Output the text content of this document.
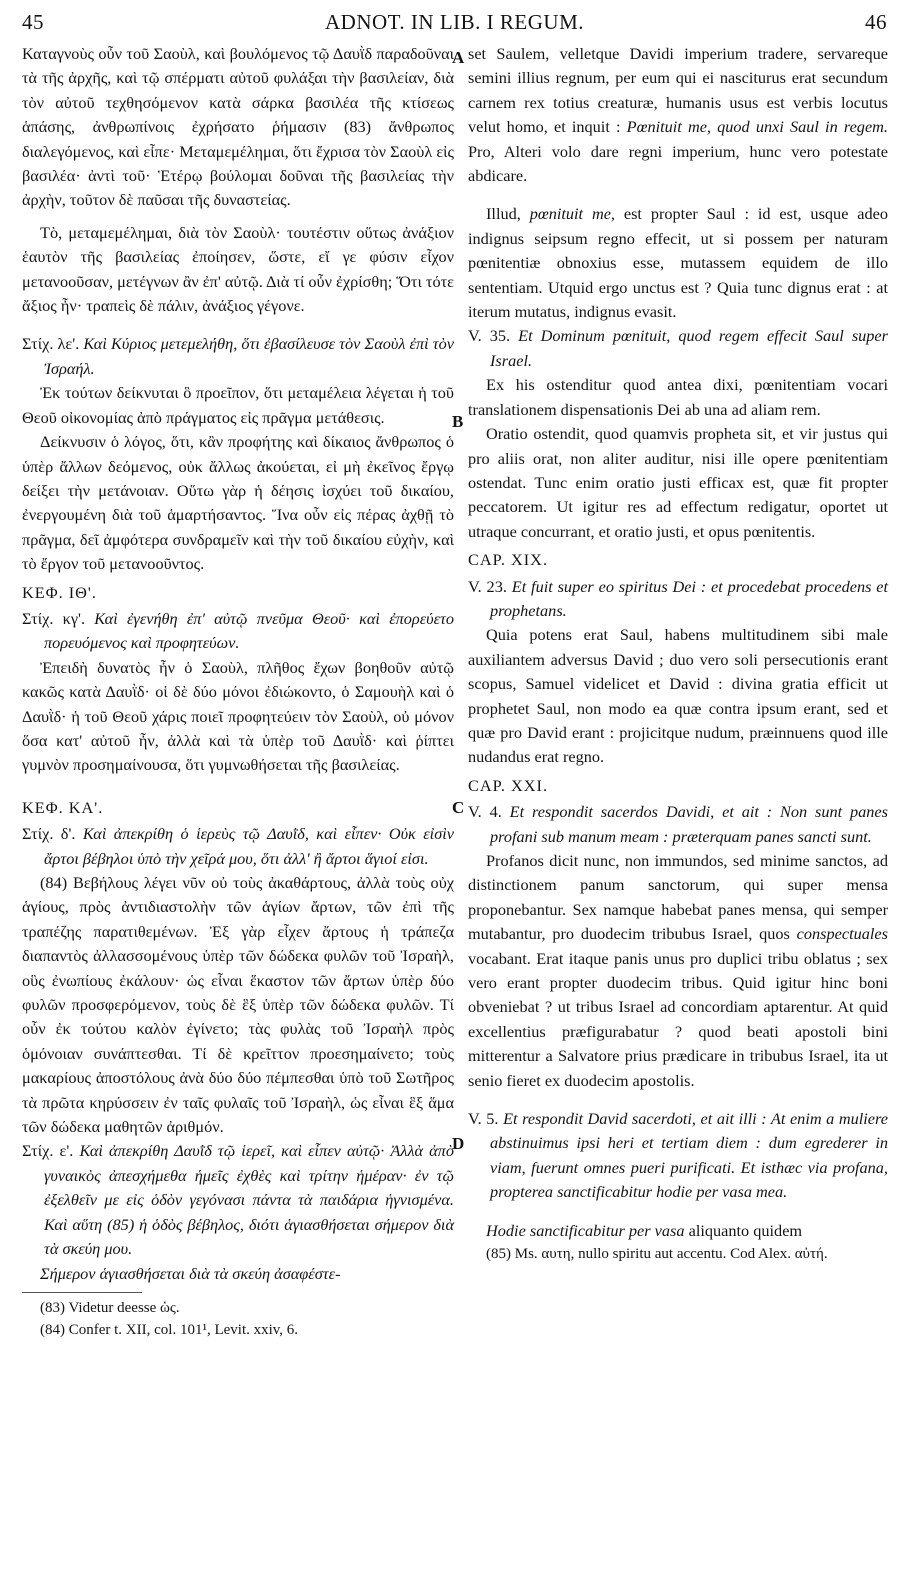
45	ADNOT. IN LIB. I REGUM.	46

Καταγνοὺς οὖν τοῦ Σαοὺλ, καὶ βουλόμενος τῷ Δαυῒδ παραδοῦναι τὰ τῆς ἀρχῆς, καὶ τῷ σπέρματι αὐτοῦ φυλάξαι τὴν βασιλείαν, διὰ τὸν αὐτοῦ τεχθησόμενον κατὰ σάρκα βασιλέα τῆς κτίσεως ἁπάσης, ἀνθρωπίνοις ἐχρήσατο ῥήμασιν (83) ἄνθρωπος διαλεγόμενος, καὶ εἶπε· Μεταμεμέλημαι, ὅτι ἔχρισα τὸν Σαοὺλ εἰς βασιλέα· ἀντὶ τοῦ· Ἑτέρῳ βούλομαι δοῦναι τῆς βασιλείας τὴν ἀρχὴν, τοῦτον δὲ παῦσαι τῆς δυναστείας.

Τὸ, μεταμεμέλημαι, διὰ τὸν Σαοὺλ· τουτέστιν οὕτως ἀνάξιον ἑαυτὸν τῆς βασιλείας ἐποίησεν, ὥστε, εἴ γε φύσιν εἶχον μετανοοῦσαν, μετέγνων ἂν ἐπ' αὐτῷ. Διὰ τί οὖν ἐχρίσθη; Ὅτι τότε ἄξιος ἦν· τραπεὶς δὲ πάλιν, ἀνάξιος γέγονε.

Στίχ. λε'. Καὶ Κύριος μετεμελήθη, ὅτι ἐβασίλευσε τὸν Σαοὺλ ἐπὶ τὸν Ἰσραήλ.

Ἐκ τούτων δείκνυται ὃ προεῖπον, ὅτι μεταμέλεια λέγεται ἡ τοῦ Θεοῦ οἰκονομίας ἀπὸ πράγματος εἰς πρᾶγμα μετάθεσις.

Δείκνυσιν ὁ λόγος, ὅτι, κἂν προφήτης καὶ δίκαιος ἄνθρωπος ὁ ὑπὲρ ἄλλων δεόμενος, οὐκ ἄλλως ἀκούεται, εἰ μὴ ἐκεῖνος ἔργῳ δείξει τὴν μετάνοιαν. Οὕτω γὰρ ἡ δέησις ἰσχύει τοῦ δικαίου, ἐνεργουμένη διὰ τοῦ ἁμαρτήσαντος. Ἵνα οὖν εἰς πέρας ἀχθῇ τὸ πρᾶγμα, δεῖ ἀμφότερα συνδραμεῖν καὶ τὴν τοῦ δικαίου εὐχὴν, καὶ τὸ ἔργον τοῦ μετανοοῦντος.

ΚΕΦ. ΙΘ'.

Στίχ. κγ'. Καὶ ἐγενήθη ἐπ' αὐτῷ πνεῦμα Θεοῦ· καὶ ἐπορεύετο πορευόμενος καὶ προφητεύων.

Ἐπειδὴ δυνατὸς ἦν ὁ Σαοὺλ, πλῆθος ἔχων βοηθοῦν αὐτῷ κακῶς κατὰ Δαυῒδ· οἱ δὲ δύο μόνοι ἐδιώκοντο, ὁ Σαμουὴλ καὶ ὁ Δαυῒδ· ἡ τοῦ Θεοῦ χάρις ποιεῖ προφητεύειν τὸν Σαοὺλ, οὐ μόνον ὅσα κατ' αὐτοῦ ἦν, ἀλλὰ καὶ τὰ ὑπὲρ τοῦ Δαυῒδ· καὶ ῥίπτει γυμνὸν προσημαίνουσα, ὅτι γυμνωθήσεται τῆς βασιλείας.

ΚΕΦ. ΚΑ'.

Στίχ. δ'. Καὶ ἀπεκρίθη ὁ ἱερεὺς τῷ Δαυῒδ, καὶ εἶπεν· Οὐκ εἰσὶν ἄρτοι βέβηλοι ὑπὸ τὴν χεῖρά μου, ὅτι ἀλλ' ἢ ἄρτοι ἅγιοί εἰσι.

(84) Βεβήλους λέγει νῦν οὐ τοὺς ἀκαθάρτους, ἀλλὰ τοὺς οὐχ ἁγίους, πρὸς ἀντιδιαστολὴν τῶν ἁγίων ἄρτων, τῶν ἐπὶ τῆς τραπέζης παρατιθεμένων. Ἐξ γὰρ εἶχεν ἄρτους ἡ τράπεζα διαπαντὸς ἀλλασσομένους ὑπὲρ τῶν δώδεκα φυλῶν τοῦ Ἰσραὴλ, οὓς ἐνωπίους ἐκάλουν· ὡς εἶναι ἕκαστον τῶν ἄρτων ὑπὲρ δύο φυλῶν προσφερόμενον, τοὺς δὲ ἓξ ὑπὲρ τῶν δώδεκα φυλῶν. Τί οὖν ἐκ τούτου καλὸν ἐγίνετο; τὰς φυλὰς τοῦ Ἰσραὴλ πρὸς ὁμόνοιαν συνάπτεσθαι. Τί δὲ κρεῖττον προεσημαίνετο; τοὺς μακαρίους ἀποστόλους ἀνὰ δύο δύο πέμπεσθαι ὑπὸ τοῦ Σωτῆρος τὰ πρῶτα κηρύσσειν ἐν ταῖς φυλαῖς τοῦ Ἰσραὴλ, ὡς εἶναι ἓξ ἅμα τῶν δώδεκα μαθητῶν ἀριθμόν.

Στίχ. ε'. Καὶ ἀπεκρίθη Δαυῒδ τῷ ἱερεῖ, καὶ εἶπεν αὐτῷ· Ἀλλὰ ἀπὸ γυναικὸς ἀπεσχήμεθα ἡμεῖς ἐχθὲς καὶ τρίτην ἡμέραν· ἐν τῷ ἐξελθεῖν με εἰς ὁδὸν γεγόνασι πάντα τὰ παιδάρια ἡγνισμένα. Καὶ αὕτη (85) ἡ ὁδὸς βέβηλος, διότι ἁγιασθήσεται σήμερον διὰ τὰ σκεύη μου.

Σήμερον ἁγιασθήσεται διὰ τὰ σκεύη ἀσαφέστε-

(83) Videtur deesse ὡς.

(84) Confer t. XII, col. 101¹, Levit. xxiv, 6.

A
B
C
D

set Saulem, velletque Davidi imperium tradere, servareque semini illius regnum, per eum qui ei nasciturus erat secundum carnem rex totius creaturæ, humanis usus est verbis locutus velut homo, et inquit : Pœnituit me, quod unxi Saul in regem. Pro, Alteri volo dare regni imperium, hunc vero potestate abdicare.

Illud, pœnituit me, est propter Saul : id est, usque adeo indignus seipsum regno effecit, ut si possem per naturam pœnitentiæ obnoxius esse, mutassem equidem de illo sententiam. Utquid ergo unctus est ? Quia tunc dignus erat : at iterum mutatus, indignus evasit.

V. 35. Et Dominum pœnituit, quod regem effecit Saul super Israel.

Ex his ostenditur quod antea dixi, pœnitentiam vocari translationem dispensationis Dei ab una ad aliam rem.

Oratio ostendit, quod quamvis propheta sit, et vir justus qui pro aliis orat, non aliter auditur, nisi ille opere pœnitentiam ostendat. Tunc enim oratio justi efficax est, quæ fit propter peccatorem. Ut igitur res ad effectum redigatur, oportet ut utraque concurrant, et oratio justi, et opus pœnitentis.

CAP. XIX.

V. 23. Et fuit super eo spiritus Dei : et procedebat procedens et prophetans.

Quia potens erat Saul, habens multitudinem sibi male auxiliantem adversus David ; duo vero soli persecutionis erant scopus, Samuel videlicet et David : divina gratia efficit ut prophetet Saul, non modo ea quæ contra ipsum erant, sed et quæ pro David erant : projicitque nudum, præinnuens quod ille nudandus erat regno.

CAP. XXI.

V. 4. Et respondit sacerdos Davidi, et ait : Non sunt panes profani sub manum meam : præterquam panes sancti sunt.

Profanos dicit nunc, non immundos, sed minime sanctos, ad distinctionem panum sanctorum, qui super mensa proponebantur. Sex namque habebat panes mensa, qui semper mutabantur, pro duodecim tribubus Israel, quos conspectuales vocabant. Erat itaque panis unus pro duplici tribu oblatus ; sex vero erant propter duodecim tribus. Quid igitur hinc boni obveniebat ? ut tribus Israel ad concordiam aptarentur. At quid excellentius præfigurabatur ? quod beati apostoli bini mitterentur a Salvatore prius prædicare in tribubus Israel, ita ut senio fieret ex duodecim apostolis.

V. 5. Et respondit David sacerdoti, et ait illi : At enim a muliere abstinuimus ipsi heri et tertiam diem : dum egrederer in viam, fuerunt omnes pueri purificati. Et isthæc via profana, propterea sanctificabitur hodie per vasa mea.

Hodie sanctificabitur per vasa aliquanto quidem

(85) Ms. αυτη, nullo spiritu aut accentu. Cod Alex. αὐτή.
